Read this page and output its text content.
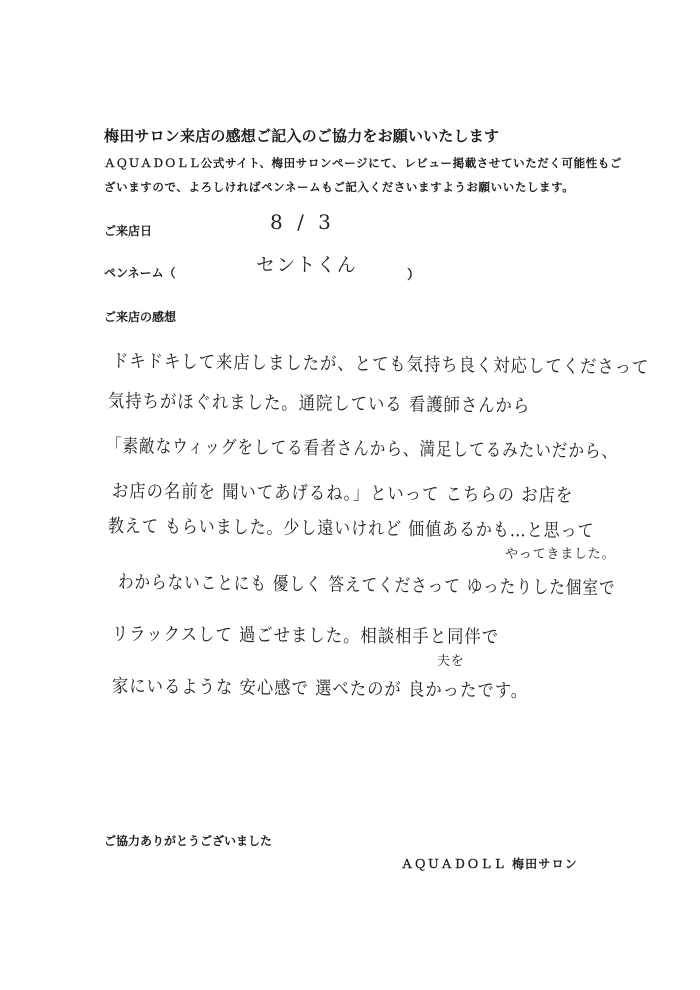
梅田サロン来店の感想ご記入のご協力をお願いいたします
ＡＱＵＡＤＯＬＬ公式サイト、梅田サロンページにて、レビュー掲載させていただく可能性もご
ざいますので、よろしければペンネームもご記入くださいますようお願いいたします。
ご来店日	8 / 3
ペンネーム（	セントくん	）
ご来店の感想
ドキドキして来店しましたが、とても気持ち良く対応してくださって
気持ちがほぐれました。通院している 看護師さんから
「素敵なウィッグをしてる看者さんから、満足してるみたいだから、
お店の名前を 聞いてあげるね。」といって こちらの お店を
教えて もらいました。少し遠いけれど 価値あるかも…と思って
やってきました。
わからないことにも 優しく 答えてくださって ゆったりした個室で
リラックスして 過ごせました。相談相手と同伴で
夫を
家にいるような 安心感で 選べたのが 良かったです。
ご協力ありがとうございました
ＡＱＵＡＤＯＬＬ 梅田サロン
